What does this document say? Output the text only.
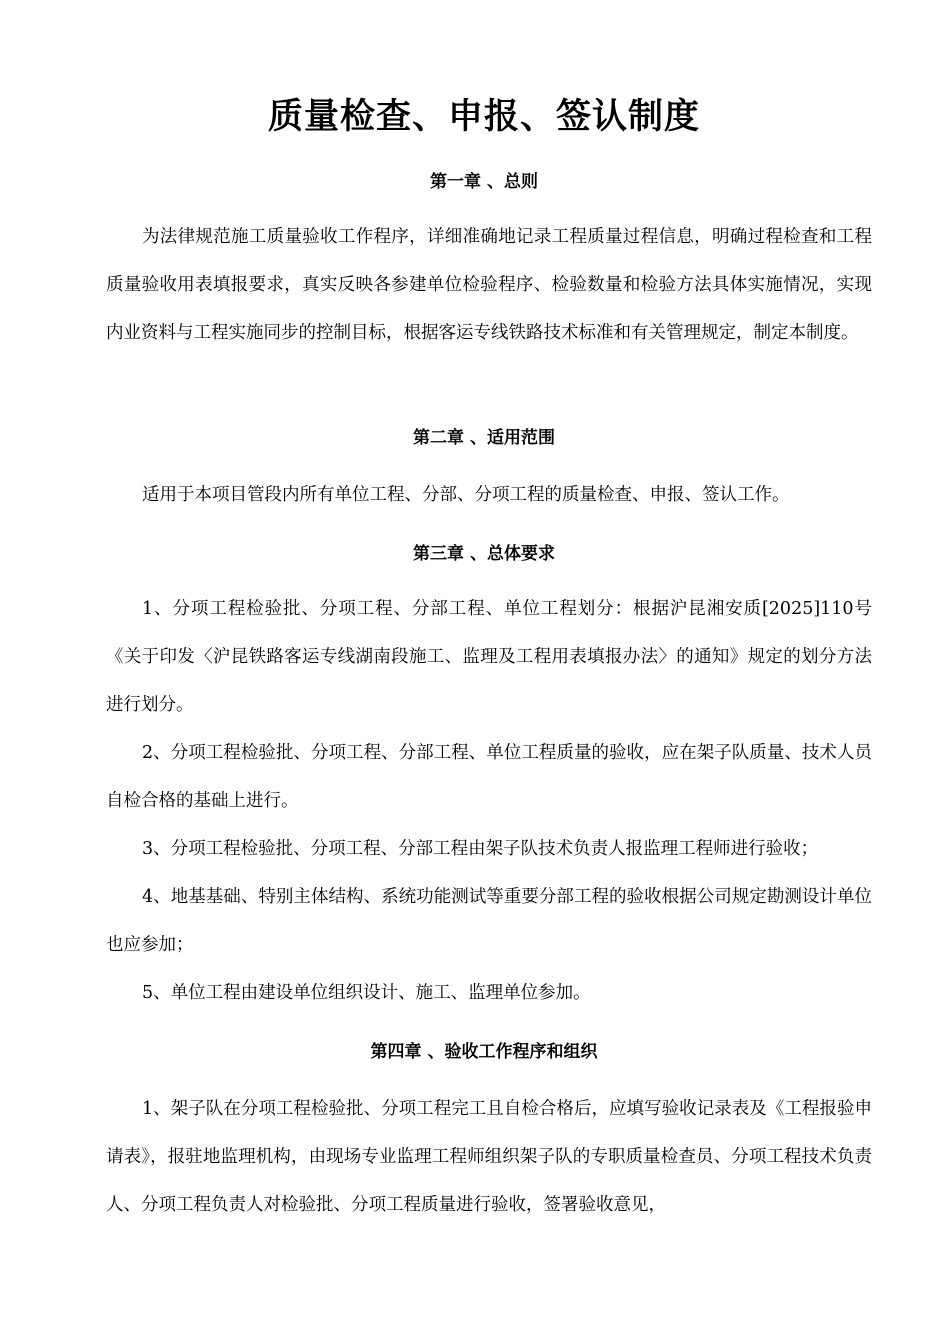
质量检查、申报、签认制度
第一章 、总则

为法律规范施工质量验收工作程序，详细准确地记录工程质量过程信息，明确过程检查和工程质量验收用表填报要求，真实反映各参建单位检验程序、检验数量和检验方法具体实施情况，实现内业资料与工程实施同步的控制目标，根据客运专线铁路技术标准和有关管理规定，制定本制度。

第二章 、适用范围

适用于本项目管段内所有单位工程、分部、分项工程的质量检查、申报、签认工作。

第三章 、总体要求

1、分项工程检验批、分项工程、分部工程、单位工程划分：根据沪昆湘安质[2025]110号《关于印发〈沪昆铁路客运专线湖南段施工、监理及工程用表填报办法〉的通知》规定的划分方法进行划分。

2、分项工程检验批、分项工程、分部工程、单位工程质量的验收，应在架子队质量、技术人员自检合格的基础上进行。

3、分项工程检验批、分项工程、分部工程由架子队技术负责人报监理工程师进行验收；

4、地基基础、特别主体结构、系统功能测试等重要分部工程的验收根据公司规定勘测设计单位也应参加；

5、单位工程由建设单位组织设计、施工、监理单位参加。

第四章 、验收工作程序和组织

1、架子队在分项工程检验批、分项工程完工且自检合格后，应填写验收记录表及《工程报验申请表》，报驻地监理机构，由现场专业监理工程师组织架子队的专职质量检查员、分项工程技术负责人、分项工程负责人对检验批、分项工程质量进行验收，签署验收意见，
